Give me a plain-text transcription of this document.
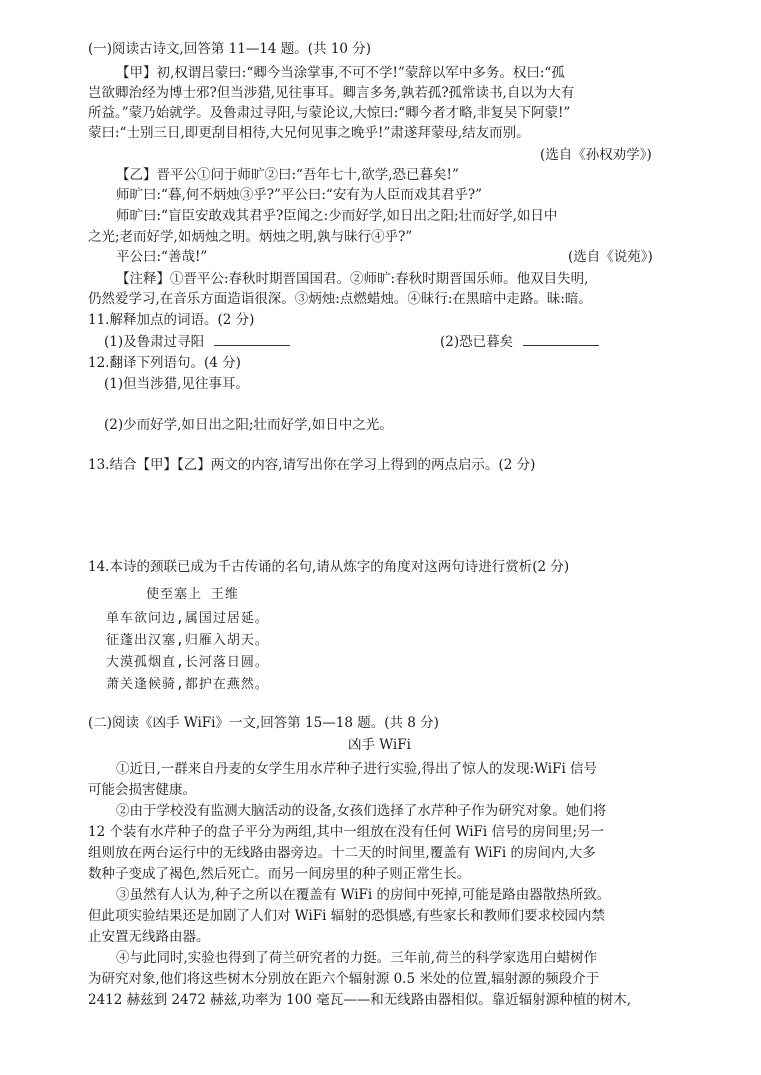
(一)阅读古诗文,回答第 11—14 题。(共 10 分)
【甲】初,权谓吕蒙曰:“卿今当涂掌事,不可不学!”蒙辞以军中多务。权曰:“孤
岂欲卿治经为博士邪?但当涉猎,见往事耳。卿言多务,孰若孤?孤常读书,自以为大有
所益。”蒙乃始就学。及鲁肃过寻阳,与蒙论议,大惊曰:“卿今者才略,非复吴下阿蒙!”
蒙曰:“士别三日,即更刮目相待,大兄何见事之晚乎!”肃遂拜蒙母,结友而别。
(选自《孙权劝学》)
【乙】晋平公①问于师旷②曰:“吾年七十,欲学,恐已暮矣!”
师旷曰:“暮,何不炳烛③乎?”平公曰:“安有为人臣而戏其君乎?”
师旷曰:“盲臣安敢戏其君乎?臣闻之:少而好学,如日出之阳;壮而好学,如日中
之光;老而好学,如炳烛之明。炳烛之明,孰与昧行④乎?”
平公曰:“善哉!”	(选自《说苑》)
【注释】①晋平公:春秋时期晋国国君。②师旷:春秋时期晋国乐师。他双目失明,
仍然爱学习,在音乐方面造诣很深。③炳烛:点燃蜡烛。④昧行:在黑暗中走路。昧:暗。
11.解释加点的词语。(2 分)
(1)及鲁肃过寻阳	(2)恐已暮矣
12.翻译下列语句。(4 分)
(1)但当涉猎,见往事耳。
(2)少而好学,如日出之阳;壮而好学,如日中之光。
13.结合【甲】【乙】两文的内容,请写出你在学习上得到的两点启示。(2 分)
14.本诗的颈联已成为千古传诵的名句,请从炼字的角度对这两句诗进行赏析(2 分)
使至塞上 王维
单车欲问边,属国过居延。
征蓬出汉塞,归雁入胡天。
大漠孤烟直,长河落日圆。
萧关逢候骑,都护在燕然。
(二)阅读《凶手 WiFi》一文,回答第 15—18 题。(共 8 分)
凶手 WiFi
①近日,一群来自丹麦的女学生用水芹种子进行实验,得出了惊人的发现:WiFi 信号
可能会损害健康。
②由于学校没有监测大脑活动的设备,女孩们选择了水芹种子作为研究对象。她们将
12 个装有水芹种子的盘子平分为两组,其中一组放在没有任何 WiFi 信号的房间里;另一
组则放在两台运行中的无线路由器旁边。十二天的时间里,覆盖有 WiFi 的房间内,大多
数种子变成了褐色,然后死亡。而另一间房里的种子则正常生长。
③虽然有人认为,种子之所以在覆盖有 WiFi 的房间中死掉,可能是路由器散热所致。
但此项实验结果还是加剧了人们对 WiFi 辐射的恐惧感,有些家长和教师们要求校园内禁
止安置无线路由器。
④与此同时,实验也得到了荷兰研究者的力挺。三年前,荷兰的科学家选用白蜡树作
为研究对象,他们将这些树木分别放在距六个辐射源 0.5 米处的位置,辐射源的频段介于
2412 赫兹到 2472 赫兹,功率为 100 毫瓦——和无线路由器相似。靠近辐射源种植的树木,
